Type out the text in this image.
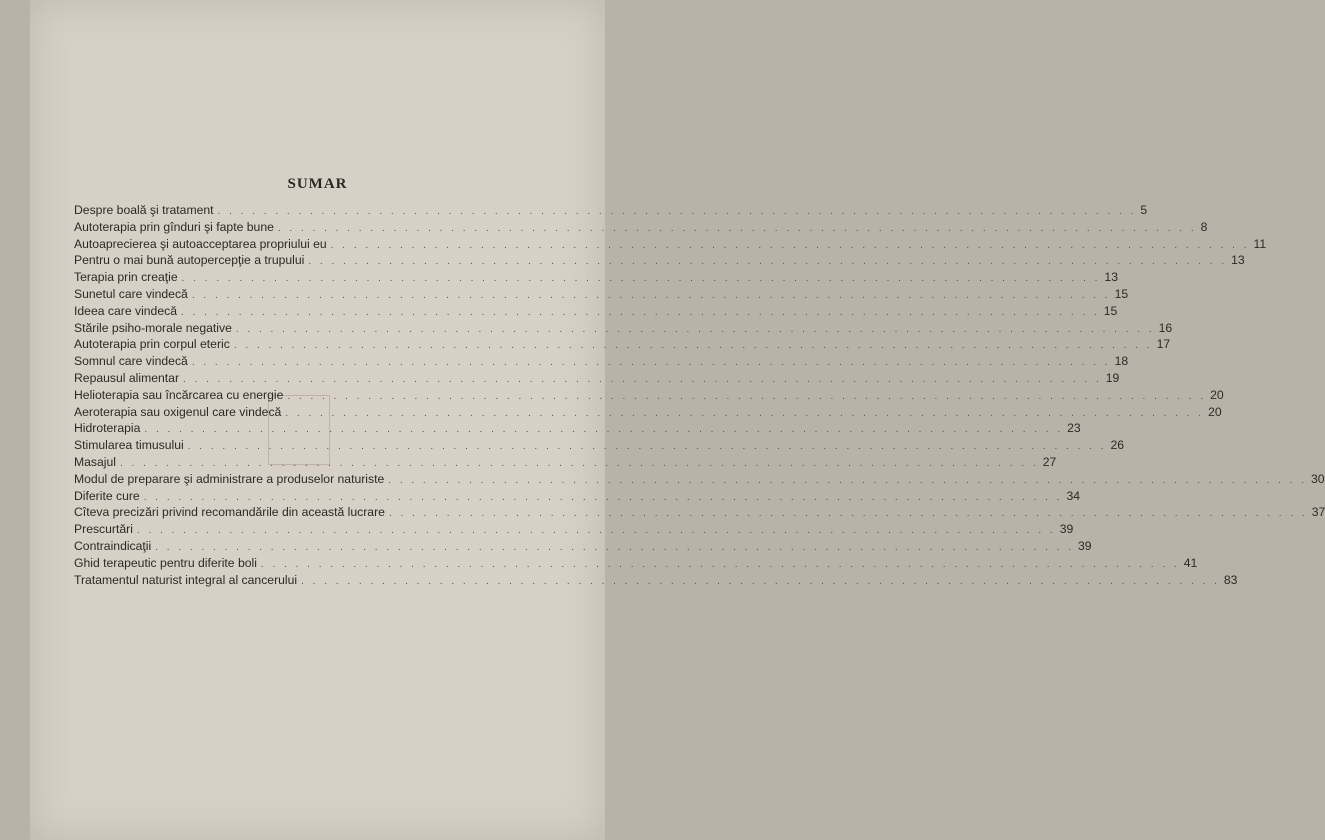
SUMAR
Despre boală şi tratament . . . . . . . . . . . . . . . . . . . . . . . . . . . . . . . . . . . . . . . . . . . . . . . . . . . . . . . . . . . . . . . . . . . . . . . . . . . . . . . . 5
Autoterapia prin gînduri şi fapte bune . . . . . . . . . . . . . . . . . . . . . . . . . . . . . . . . . . . . . . . . . . . . . . . . . . . . . . . . . . . . . . . . . . . . . . . . . . . . . . . . 8
Autoaprecierea şi autoacceptarea propriului eu . . . . . . . . . . . . . . . . . . . . . . . . . . . . . . . . . . . . . . . . . . . . . . . . . . . . . . . . . . . . . . . . . . . . . . . . . . . . . . . . 11
Pentru o mai bună autopercepţie a trupului . . . . . . . . . . . . . . . . . . . . . . . . . . . . . . . . . . . . . . . . . . . . . . . . . . . . . . . . . . . . . . . . . . . . . . . . . . . . . . . . 13
Terapia prin creaţie . . . . . . . . . . . . . . . . . . . . . . . . . . . . . . . . . . . . . . . . . . . . . . . . . . . . . . . . . . . . . . . . . . . . . . . . . . . . . . . . 13
Sunetul care vindecă . . . . . . . . . . . . . . . . . . . . . . . . . . . . . . . . . . . . . . . . . . . . . . . . . . . . . . . . . . . . . . . . . . . . . . . . . . . . . . . . 15
Ideea care vindecă . . . . . . . . . . . . . . . . . . . . . . . . . . . . . . . . . . . . . . . . . . . . . . . . . . . . . . . . . . . . . . . . . . . . . . . . . . . . . . . . 15
Stările psiho-morale negative . . . . . . . . . . . . . . . . . . . . . . . . . . . . . . . . . . . . . . . . . . . . . . . . . . . . . . . . . . . . . . . . . . . . . . . . . . . . . . . . 16
Autoterapia prin corpul eteric . . . . . . . . . . . . . . . . . . . . . . . . . . . . . . . . . . . . . . . . . . . . . . . . . . . . . . . . . . . . . . . . . . . . . . . . . . . . . . . . 17
Somnul care vindecă . . . . . . . . . . . . . . . . . . . . . . . . . . . . . . . . . . . . . . . . . . . . . . . . . . . . . . . . . . . . . . . . . . . . . . . . . . . . . . . . 18
Repausul alimentar . . . . . . . . . . . . . . . . . . . . . . . . . . . . . . . . . . . . . . . . . . . . . . . . . . . . . . . . . . . . . . . . . . . . . . . . . . . . . . . . 19
Helioterapia sau încărcarea cu energie . . . . . . . . . . . . . . . . . . . . . . . . . . . . . . . . . . . . . . . . . . . . . . . . . . . . . . . . . . . . . . . . . . . . . . . . . . . . . . . . 20
Aeroterapia sau oxigenul care vindecă . . . . . . . . . . . . . . . . . . . . . . . . . . . . . . . . . . . . . . . . . . . . . . . . . . . . . . . . . . . . . . . . . . . . . . . . . . . . . . . . 20
Hidroterapia . . . . . . . . . . . . . . . . . . . . . . . . . . . . . . . . . . . . . . . . . . . . . . . . . . . . . . . . . . . . . . . . . . . . . . . . . . . . . . . . 23
Stimularea timusului . . . . . . . . . . . . . . . . . . . . . . . . . . . . . . . . . . . . . . . . . . . . . . . . . . . . . . . . . . . . . . . . . . . . . . . . . . . . . . . . 26
Masajul . . . . . . . . . . . . . . . . . . . . . . . . . . . . . . . . . . . . . . . . . . . . . . . . . . . . . . . . . . . . . . . . . . . . . . . . . . . . . . . . 27
Modul de preparare şi administrare a produselor naturiste . . . . . . . . . . . . . . . . . . . . . . . . . . . . . . . . . . . . . . . . . . . . . . . . . . . . . . . . . . . . . . . . . . . . . . . . . . . . . . . . 30
Diferite cure . . . . . . . . . . . . . . . . . . . . . . . . . . . . . . . . . . . . . . . . . . . . . . . . . . . . . . . . . . . . . . . . . . . . . . . . . . . . . . . . 34
Cîteva precizări privind recomandările din această lucrare . . . . . . . . . . . . . . . . . . . . . . . . . . . . . . . . . . . . . . . . . . . . . . . . . . . . . . . . . . . . . . . . . . . . . . . . . . . . . . . . 37
Prescurtări . . . . . . . . . . . . . . . . . . . . . . . . . . . . . . . . . . . . . . . . . . . . . . . . . . . . . . . . . . . . . . . . . . . . . . . . . . . . . . . . 39
Contraindicaţii . . . . . . . . . . . . . . . . . . . . . . . . . . . . . . . . . . . . . . . . . . . . . . . . . . . . . . . . . . . . . . . . . . . . . . . . . . . . . . . . 39
Ghid terapeutic pentru diferite boli . . . . . . . . . . . . . . . . . . . . . . . . . . . . . . . . . . . . . . . . . . . . . . . . . . . . . . . . . . . . . . . . . . . . . . . . . . . . . . . . 41
Tratamentul naturist integral al cancerului . . . . . . . . . . . . . . . . . . . . . . . . . . . . . . . . . . . . . . . . . . . . . . . . . . . . . . . . . . . . . . . . . . . . . . . . . . . . . . . . 83
